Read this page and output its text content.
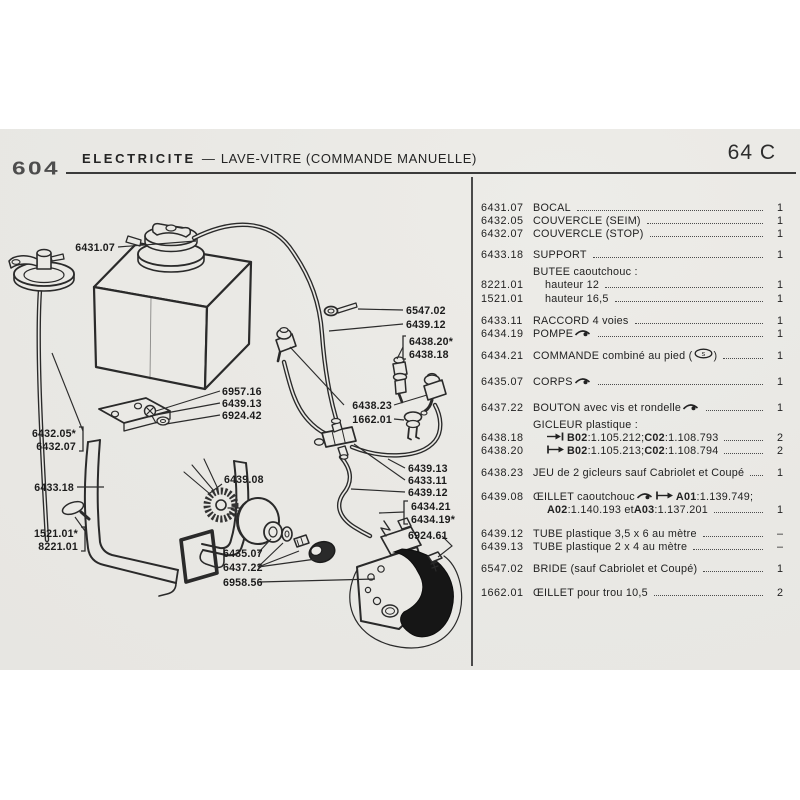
604
ELECTRICITE — LAVE-VITRE (COMMANDE MANUELLE)	64 C
6431.07
6432.05*
6432.07
6433.18
1521.01*
8221.01
6957.16
6439.13
6924.42
6439.08
6435.07
6437.22
6958.56
6547.02
6439.12
6438.20*
6438.18
6438.23
1662.01
6439.13
6433.11
6439.12
6434.21
6434.19*
6924.61
6431.07 BOCAL	1
6432.05 COUVERCLE (SEIM)	1
6432.07 COUVERCLE (STOP)	1
6433.18 SUPPORT	1
BUTEE caoutchouc :
8221.01	hauteur 12	1
1521.01	hauteur 16,5	1
6433.11 RACCORD 4 voies	1
6434.19 POMPE	1
6434.21 COMMANDE combiné au pied ( s )	1
6435.07 CORPS	1
6437.22 BOUTON avec vis et rondelle	1
GICLEUR plastique :
6438.18	B02 :1.105.212; C02 :1.108.793	2
6438.20	B02 :1.105.213; C02 :1.108.794	2
6438.23 JEU de 2 gicleurs sauf Cabriolet et Coupé	1
6439.08 ŒILLET caoutchouc	A01 :1.139.749;
A02 :1.140.193 et A03 :1.137.201	1
6439.12 TUBE plastique 3,5 x 6 au mètre	–
6439.13 TUBE plastique 2 x 4 au mètre	–
6547.02 BRIDE (sauf Cabriolet et Coupé)	1
1662.01 ŒILLET pour trou 10,5	2
